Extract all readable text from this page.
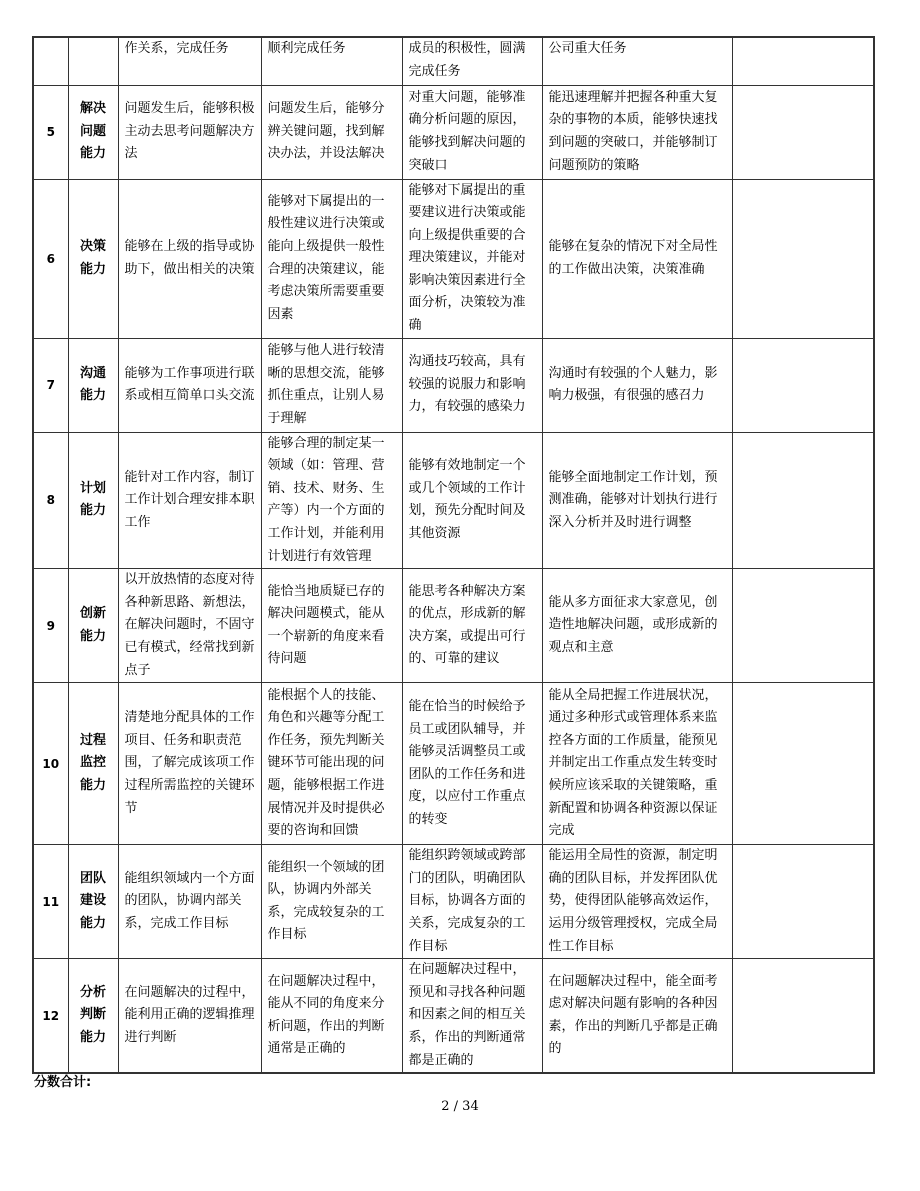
		作关系，完成任务	顺利完成任务	成员的积极性，圆满完成任务	公司重大任务	

5	解决问题能力	问题发生后，能够积极主动去思考问题解决方法	问题发生后，能够分辨关键问题，找到解决办法，并设法解决	对重大问题，能够准确分析问题的原因，能够找到解决问题的突破口	能迅速理解并把握各种重大复杂的事物的本质，能够快速找到问题的突破口，并能够制订问题预防的策略	

6	决策能力	能够在上级的指导或协助下，做出相关的决策	能够对下属提出的一般性建议进行决策或能向上级提供一般性合理的决策建议，能考虑决策所需要重要因素	能够对下属提出的重要建议进行决策或能向上级提供重要的合理决策建议，并能对影响决策因素进行全面分析，决策较为准确	能够在复杂的情况下对全局性的工作做出决策，决策准确	

7	沟通能力	能够为工作事项进行联系或相互简单口头交流	能够与他人进行较清晰的思想交流，能够抓住重点，让别人易于理解	沟通技巧较高，具有较强的说服力和影响力，有较强的感染力	沟通时有较强的个人魅力，影响力极强，有很强的感召力	

8	计划能力	能针对工作内容，制订工作计划合理安排本职工作	能够合理的制定某一领域（如：管理、营销、技术、财务、生产等）内一个方面的工作计划，并能利用计划进行有效管理	能够有效地制定一个或几个领域的工作计划，预先分配时间及其他资源	能够全面地制定工作计划，预测准确，能够对计划执行进行深入分析并及时进行调整	

9	创新能力	以开放热情的态度对待各种新思路、新想法，在解决问题时，不固守已有模式，经常找到新点子	能恰当地质疑已存的解决问题模式，能从一个崭新的角度来看待问题	能思考各种解决方案的优点，形成新的解决方案，或提出可行的、可靠的建议	能从多方面征求大家意见，创造性地解决问题，或形成新的观点和主意	

10	过程监控能力	清楚地分配具体的工作项目、任务和职责范围，了解完成该项工作过程所需监控的关键环节	能根据个人的技能、角色和兴趣等分配工作任务，预先判断关键环节可能出现的问题，能够根据工作进展情况并及时提供必要的咨询和回馈	能在恰当的时候给予员工或团队辅导，并能够灵活调整员工或团队的工作任务和进度，以应付工作重点的转变	能从全局把握工作进展状况，通过多种形式或管理体系来监控各方面的工作质量，能预见并制定出工作重点发生转变时候所应该采取的关键策略，重新配置和协调各种资源以保证完成	

11	团队建设能力	能组织领域内一个方面的团队，协调内部关系，完成工作目标	能组织一个领域的团队，协调内外部关系，完成较复杂的工作目标	能组织跨领域或跨部门的团队，明确团队目标，协调各方面的关系，完成复杂的工作目标	能运用全局性的资源，制定明确的团队目标，并发挥团队优势，使得团队能够高效运作，运用分级管理授权，完成全局性工作目标	

12	分析判断能力	在问题解决的过程中，能利用正确的逻辑推理进行判断	在问题解决过程中，能从不同的角度来分析问题，作出的判断通常是正确的	在问题解决过程中，预见和寻找各种问题和因素之间的相互关系，作出的判断通常都是正确的	在问题解决过程中，能全面考虑对解决问题有影响的各种因素，作出的判断几乎都是正确的	

分数合计:
2 / 34
